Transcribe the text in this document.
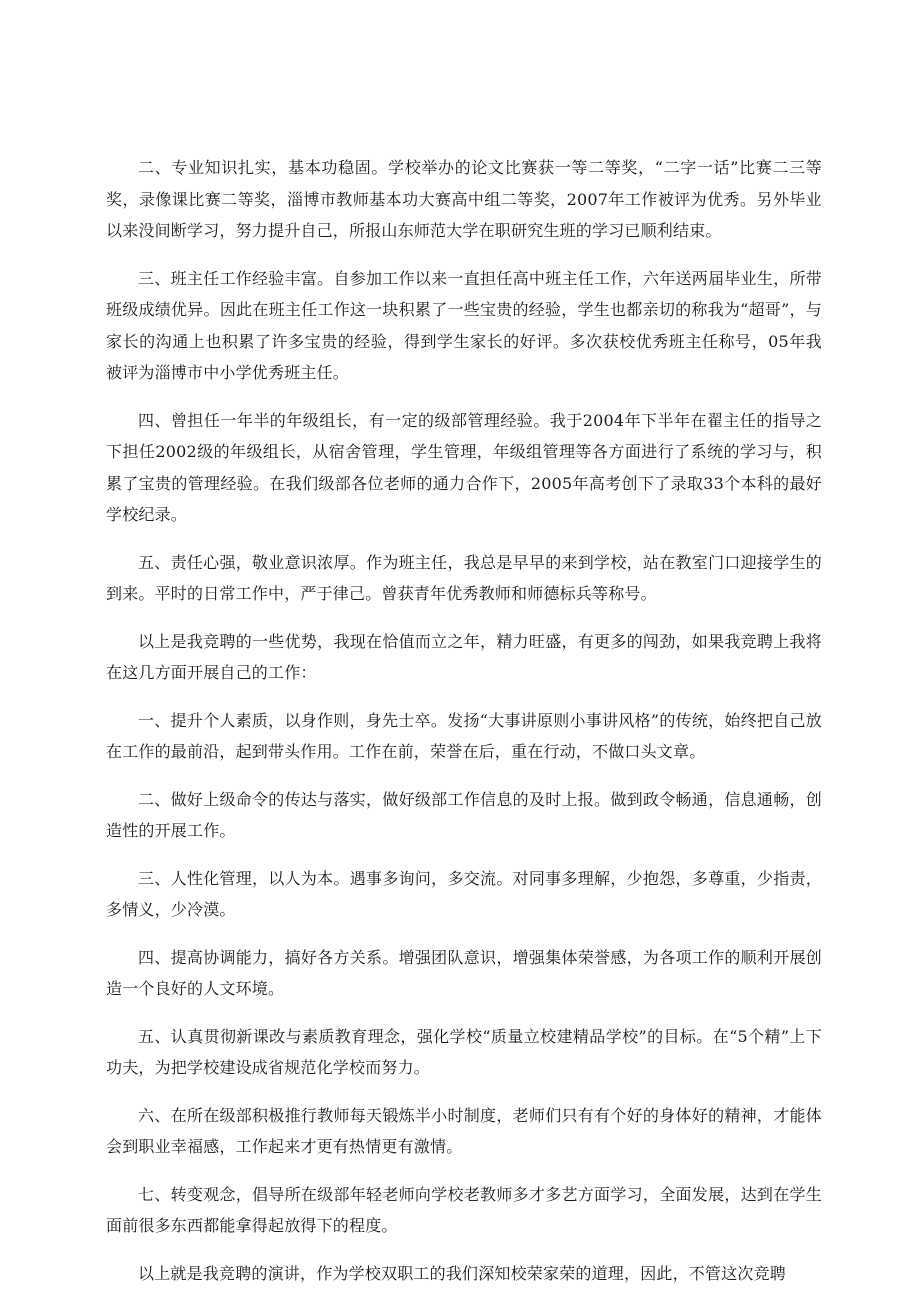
二、专业知识扎实，基本功稳固。学校举办的论文比赛获一等二等奖，“二字一话”比赛二三等奖，录像课比赛二等奖，淄博市教师基本功大赛高中组二等奖，2007年工作被评为优秀。另外毕业以来没间断学习，努力提升自己，所报山东师范大学在职研究生班的学习已顺利结束。

三、班主任工作经验丰富。自参加工作以来一直担任高中班主任工作，六年送两届毕业生，所带班级成绩优异。因此在班主任工作这一块积累了一些宝贵的经验，学生也都亲切的称我为“超哥”，与家长的沟通上也积累了许多宝贵的经验，得到学生家长的好评。多次获校优秀班主任称号，05年我被评为淄博市中小学优秀班主任。

四、曾担任一年半的年级组长，有一定的级部管理经验。我于2004年下半年在翟主任的指导之下担任2002级的年级组长，从宿舍管理，学生管理，年级组管理等各方面进行了系统的学习与，积累了宝贵的管理经验。在我们级部各位老师的通力合作下，2005年高考创下了录取33个本科的最好学校纪录。

五、责任心强，敬业意识浓厚。作为班主任，我总是早早的来到学校，站在教室门口迎接学生的到来。平时的日常工作中，严于律己。曾获青年优秀教师和师德标兵等称号。

以上是我竞聘的一些优势，我现在恰值而立之年，精力旺盛，有更多的闯劲，如果我竞聘上我将在这几方面开展自己的工作：

一、提升个人素质，以身作则，身先士卒。发扬“大事讲原则小事讲风格”的传统，始终把自己放在工作的最前沿，起到带头作用。工作在前，荣誉在后，重在行动，不做口头文章。

二、做好上级命令的传达与落实，做好级部工作信息的及时上报。做到政令畅通，信息通畅，创造性的开展工作。

三、人性化管理，以人为本。遇事多询问，多交流。对同事多理解，少抱怨，多尊重，少指责，多情义，少冷漠。

四、提高协调能力，搞好各方关系。增强团队意识，增强集体荣誉感，为各项工作的顺利开展创造一个良好的人文环境。

五、认真贯彻新课改与素质教育理念，强化学校“质量立校建精品学校”的目标。在“5个精”上下功夫，为把学校建设成省规范化学校而努力。

六、在所在级部积极推行教师每天锻炼半小时制度，老师们只有有个好的身体好的精神，才能体会到职业幸福感，工作起来才更有热情更有激情。

七、转变观念，倡导所在级部年轻老师向学校老教师多才多艺方面学习，全面发展，达到在学生面前很多东西都能拿得起放得下的程度。

以上就是我竞聘的演讲，作为学校双职工的我们深知校荣家荣的道理，因此，不管这次竞聘
